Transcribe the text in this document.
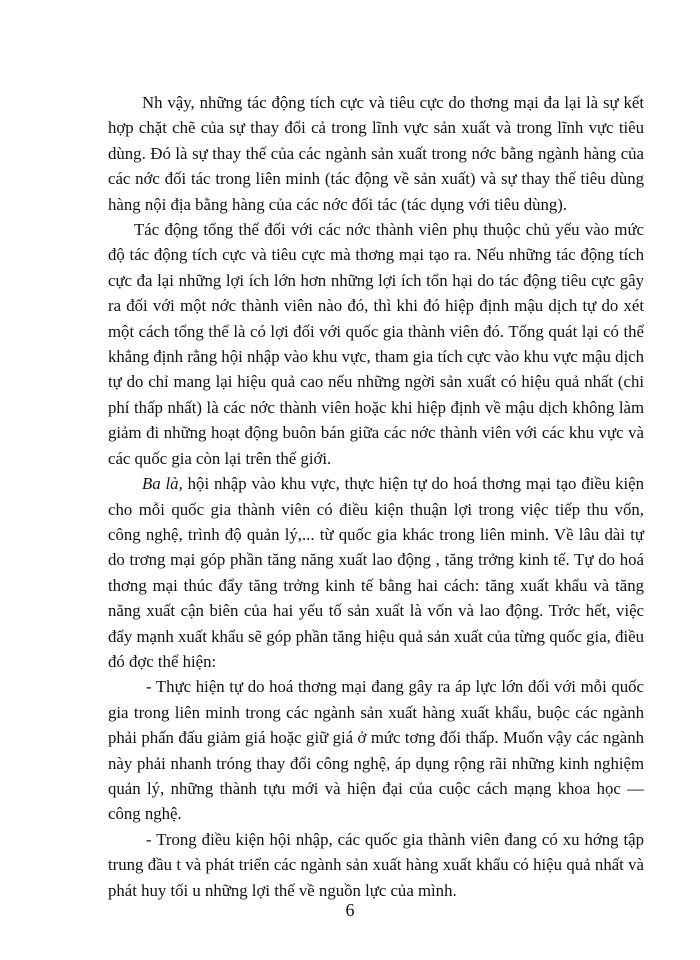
Nh vậy, những tác động tích cực và tiêu cực do thơng mại đa lại là sự kết hợp chặt chẽ của sự thay đổi cả trong lĩnh vực sản xuất và trong lĩnh vực tiêu dùng. Đó là sự thay thế của các ngành sản xuất trong nớc bằng ngành hàng của các nớc đối tác trong liên minh (tác động về sản xuất) và sự thay thế tiêu dùng hàng nội địa bằng hàng của các nớc đối tác (tác dụng với tiêu dùng).

Tác động tổng thể đối với các nớc thành viên phụ thuộc chủ yếu vào mức độ tác động tích cực và tiêu cực mà thơng mại tạo ra. Nếu những tác động tích cực đa lại những lợi ích lớn hơn những lợi ích tổn hại do tác động tiêu cực gây ra đối với một nớc thành viên nào đó, thì khi đó hiệp định mậu dịch tự do xét một cách tổng thể là có lợi đối với quốc gia thành viên đó. Tổng quát lại có thể khẳng định rằng hội nhập vào khu vực, tham gia tích cực vào khu vực mậu dịch tự do chỉ mang lại hiệu quả cao nếu những ngời sản xuất có hiệu quả nhất (chi phí thấp nhất) là các nớc thành viên hoặc khi hiệp định về mậu dịch không làm giảm đi những hoạt động buôn bán giữa các nớc thành viên với các khu vực và các quốc gia còn lại trên thế giới.

Ba là, hội nhập vào khu vực, thực hiện tự do hoá thơng mại tạo điều kiện cho mỗi quốc gia thành viên có điều kiện thuận lợi trong việc tiếp thu vốn, công nghệ, trình độ quản lý,... từ quốc gia khác trong liên minh. Về lâu dài tự do trơng mại góp phần tăng năng xuất lao động , tăng trởng kinh tế. Tự do hoá thơng mại thúc đẩy tăng trởng kinh tế bằng hai cách: tăng xuất khẩu và tăng năng xuất cận biên của hai yếu tố sản xuất là vốn và lao động. Trớc hết, việc đẩy mạnh xuất khẩu sẽ góp phần tăng hiệu quả sản xuất của từng quốc gia, điều đó đợc thể hiện:

- Thực hiện tự do hoá thơng mại đang gây ra áp lực lớn đối với mỗi quốc gia trong liên minh trong các ngành sản xuất hàng xuất khẩu, buộc các ngành phải phấn đấu giảm giá hoặc giữ giá ở mức tơng đối thấp. Muốn vậy các ngành này phải nhanh tróng thay đổi công nghệ, áp dụng rộng rãi những kinh nghiệm quản lý, những thành tựu mới và hiện đại của cuộc cách mạng khoa học — công nghệ.

- Trong điều kiện hội nhập, các quốc gia thành viên đang có xu hớng tập trung đầu t và phát triển các ngành sản xuất hàng xuất khẩu có hiệu quả nhất và phát huy tối u những lợi thế về nguồn lực của mình.

6
